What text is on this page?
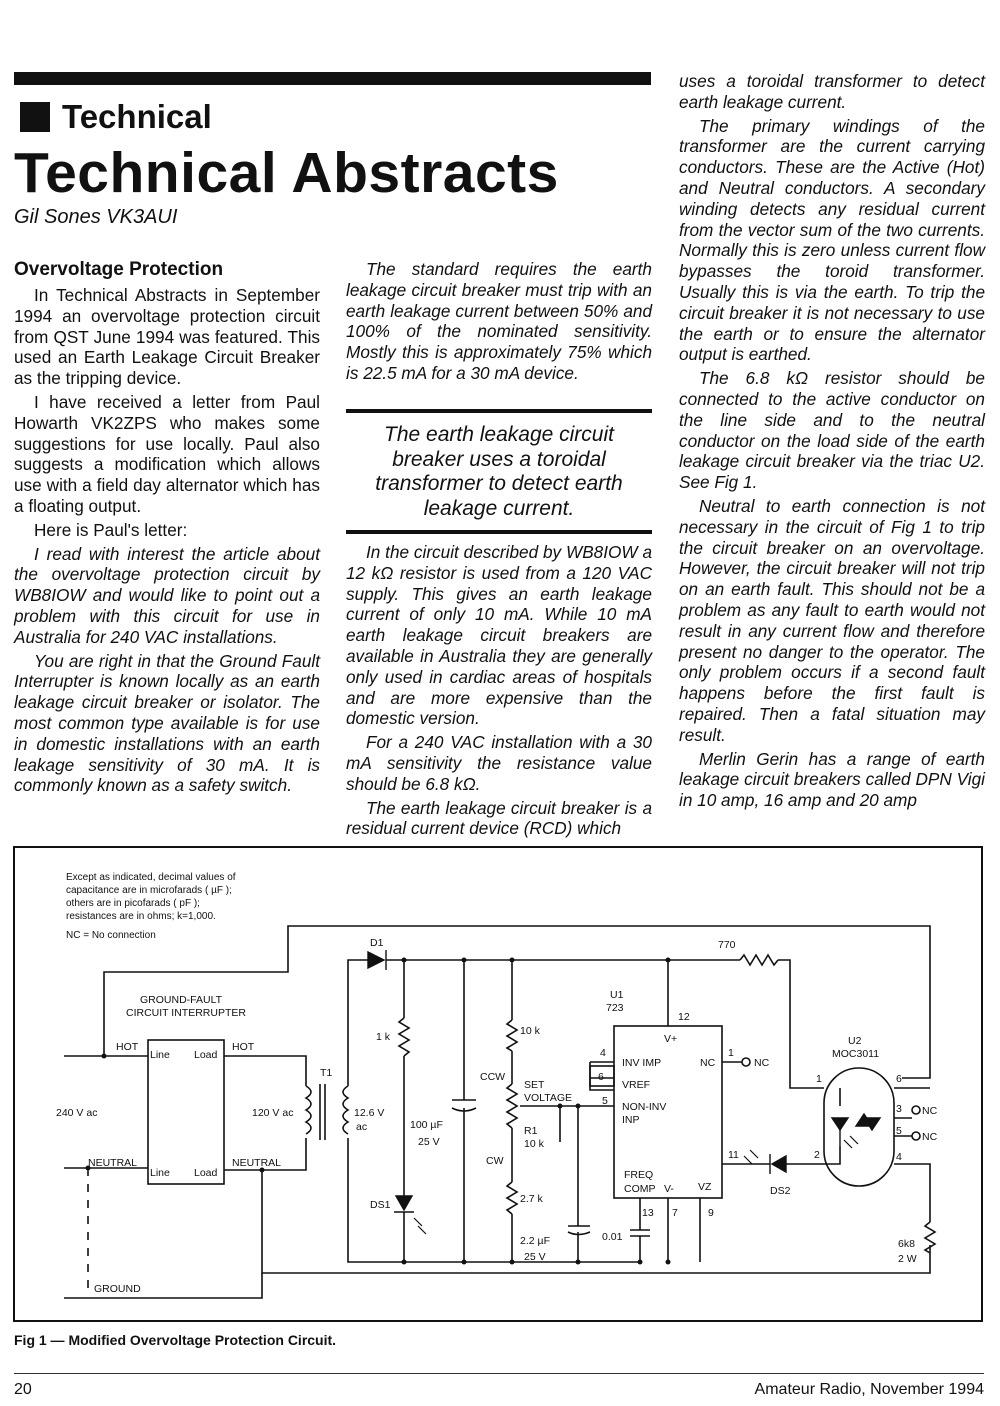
Technical
Technical Abstracts
Gil Sones VK3AUI
Overvoltage Protection

In Technical Abstracts in September 1994 an overvoltage protection circuit from QST June 1994 was featured. This used an Earth Leakage Circuit Breaker as the tripping device.

I have received a letter from Paul Howarth VK2ZPS who makes some suggestions for use locally. Paul also suggests a modification which allows use with a field day alternator which has a floating output.

Here is Paul's letter:

I read with interest the article about the overvoltage protection circuit by WB8IOW and would like to point out a problem with this circuit for use in Australia for 240 VAC installations.

You are right in that the Ground Fault Interrupter is known locally as an earth leakage circuit breaker or isolator. The most common type available is for use in domestic installations with an earth leakage sensitivity of 30 mA. It is commonly known as a safety switch.

The standard requires the earth leakage circuit breaker must trip with an earth leakage current between 50% and 100% of the nominated sensitivity. Mostly this is approximately 75% which is 22.5 mA for a 30 mA device.

The earth leakage circuit breaker uses a toroidal transformer to detect earth leakage current.

In the circuit described by WB8IOW a 12 kΩ resistor is used from a 120 VAC supply. This gives an earth leakage current of only 10 mA. While 10 mA earth leakage circuit breakers are available in Australia they are generally only used in cardiac areas of hospitals and are more expensive than the domestic version.

For a 240 VAC installation with a 30 mA sensitivity the resistance value should be 6.8 kΩ.

The earth leakage circuit breaker is a residual current device (RCD) which

uses a toroidal transformer to detect earth leakage current.

The primary windings of the transformer are the current carrying conductors. These are the Active (Hot) and Neutral conductors. A secondary winding detects any residual current from the vector sum of the two currents. Normally this is zero unless current flow bypasses the toroid transformer. Usually this is via the earth. To trip the circuit breaker it is not necessary to use the earth or to ensure the alternator output is earthed.

The 6.8 kΩ resistor should be connected to the active conductor on the line side and to the neutral conductor on the load side of the earth leakage circuit breaker via the triac U2. See Fig 1.

Neutral to earth connection is not necessary in the circuit of Fig 1 to trip the circuit breaker on an overvoltage. However, the circuit breaker will not trip on an earth fault. This should not be a problem as any fault to earth would not result in any current flow and therefore present no danger to the operator. The only problem occurs if a second fault happens before the first fault is repaired. Then a fatal situation may result.

Merlin Gerin has a range of earth leakage circuit breakers called DPN Vigi in 10 amp, 16 amp and 20 amp

Except as indicated, decimal values of
capacitance are in microfarads ( µF );
others are in picofarads ( pF );
resistances are in ohms; k=1,000.
NC = No connection
GROUND-FAULT
CIRCUIT INTERRUPTER
HOT	HOT
NEUTRAL	NEUTRAL
GROUND
Line Load
Line Load
240 V ac	120 V ac
T1
12.6 V
ac
D1
1 k
DS1
100 µF
25 V
CCW
CW
SET
VOLTAGE
R1
10 k
10 k
2.7 k
2.2 µF
25 V
0.01
770
U1
723
INV IMP
VREF
NON-INV
INP
FREQ
COMP V- VZ
V+
NC	NC
12
4
6
5
1
11
13 7	9
DS2
U2
MOC3011
1	6
3
5
2	4
NC
NC
6k8
2 W
Fig 1 — Modified Overvoltage Protection Circuit.
20	Amateur Radio, November 1994
